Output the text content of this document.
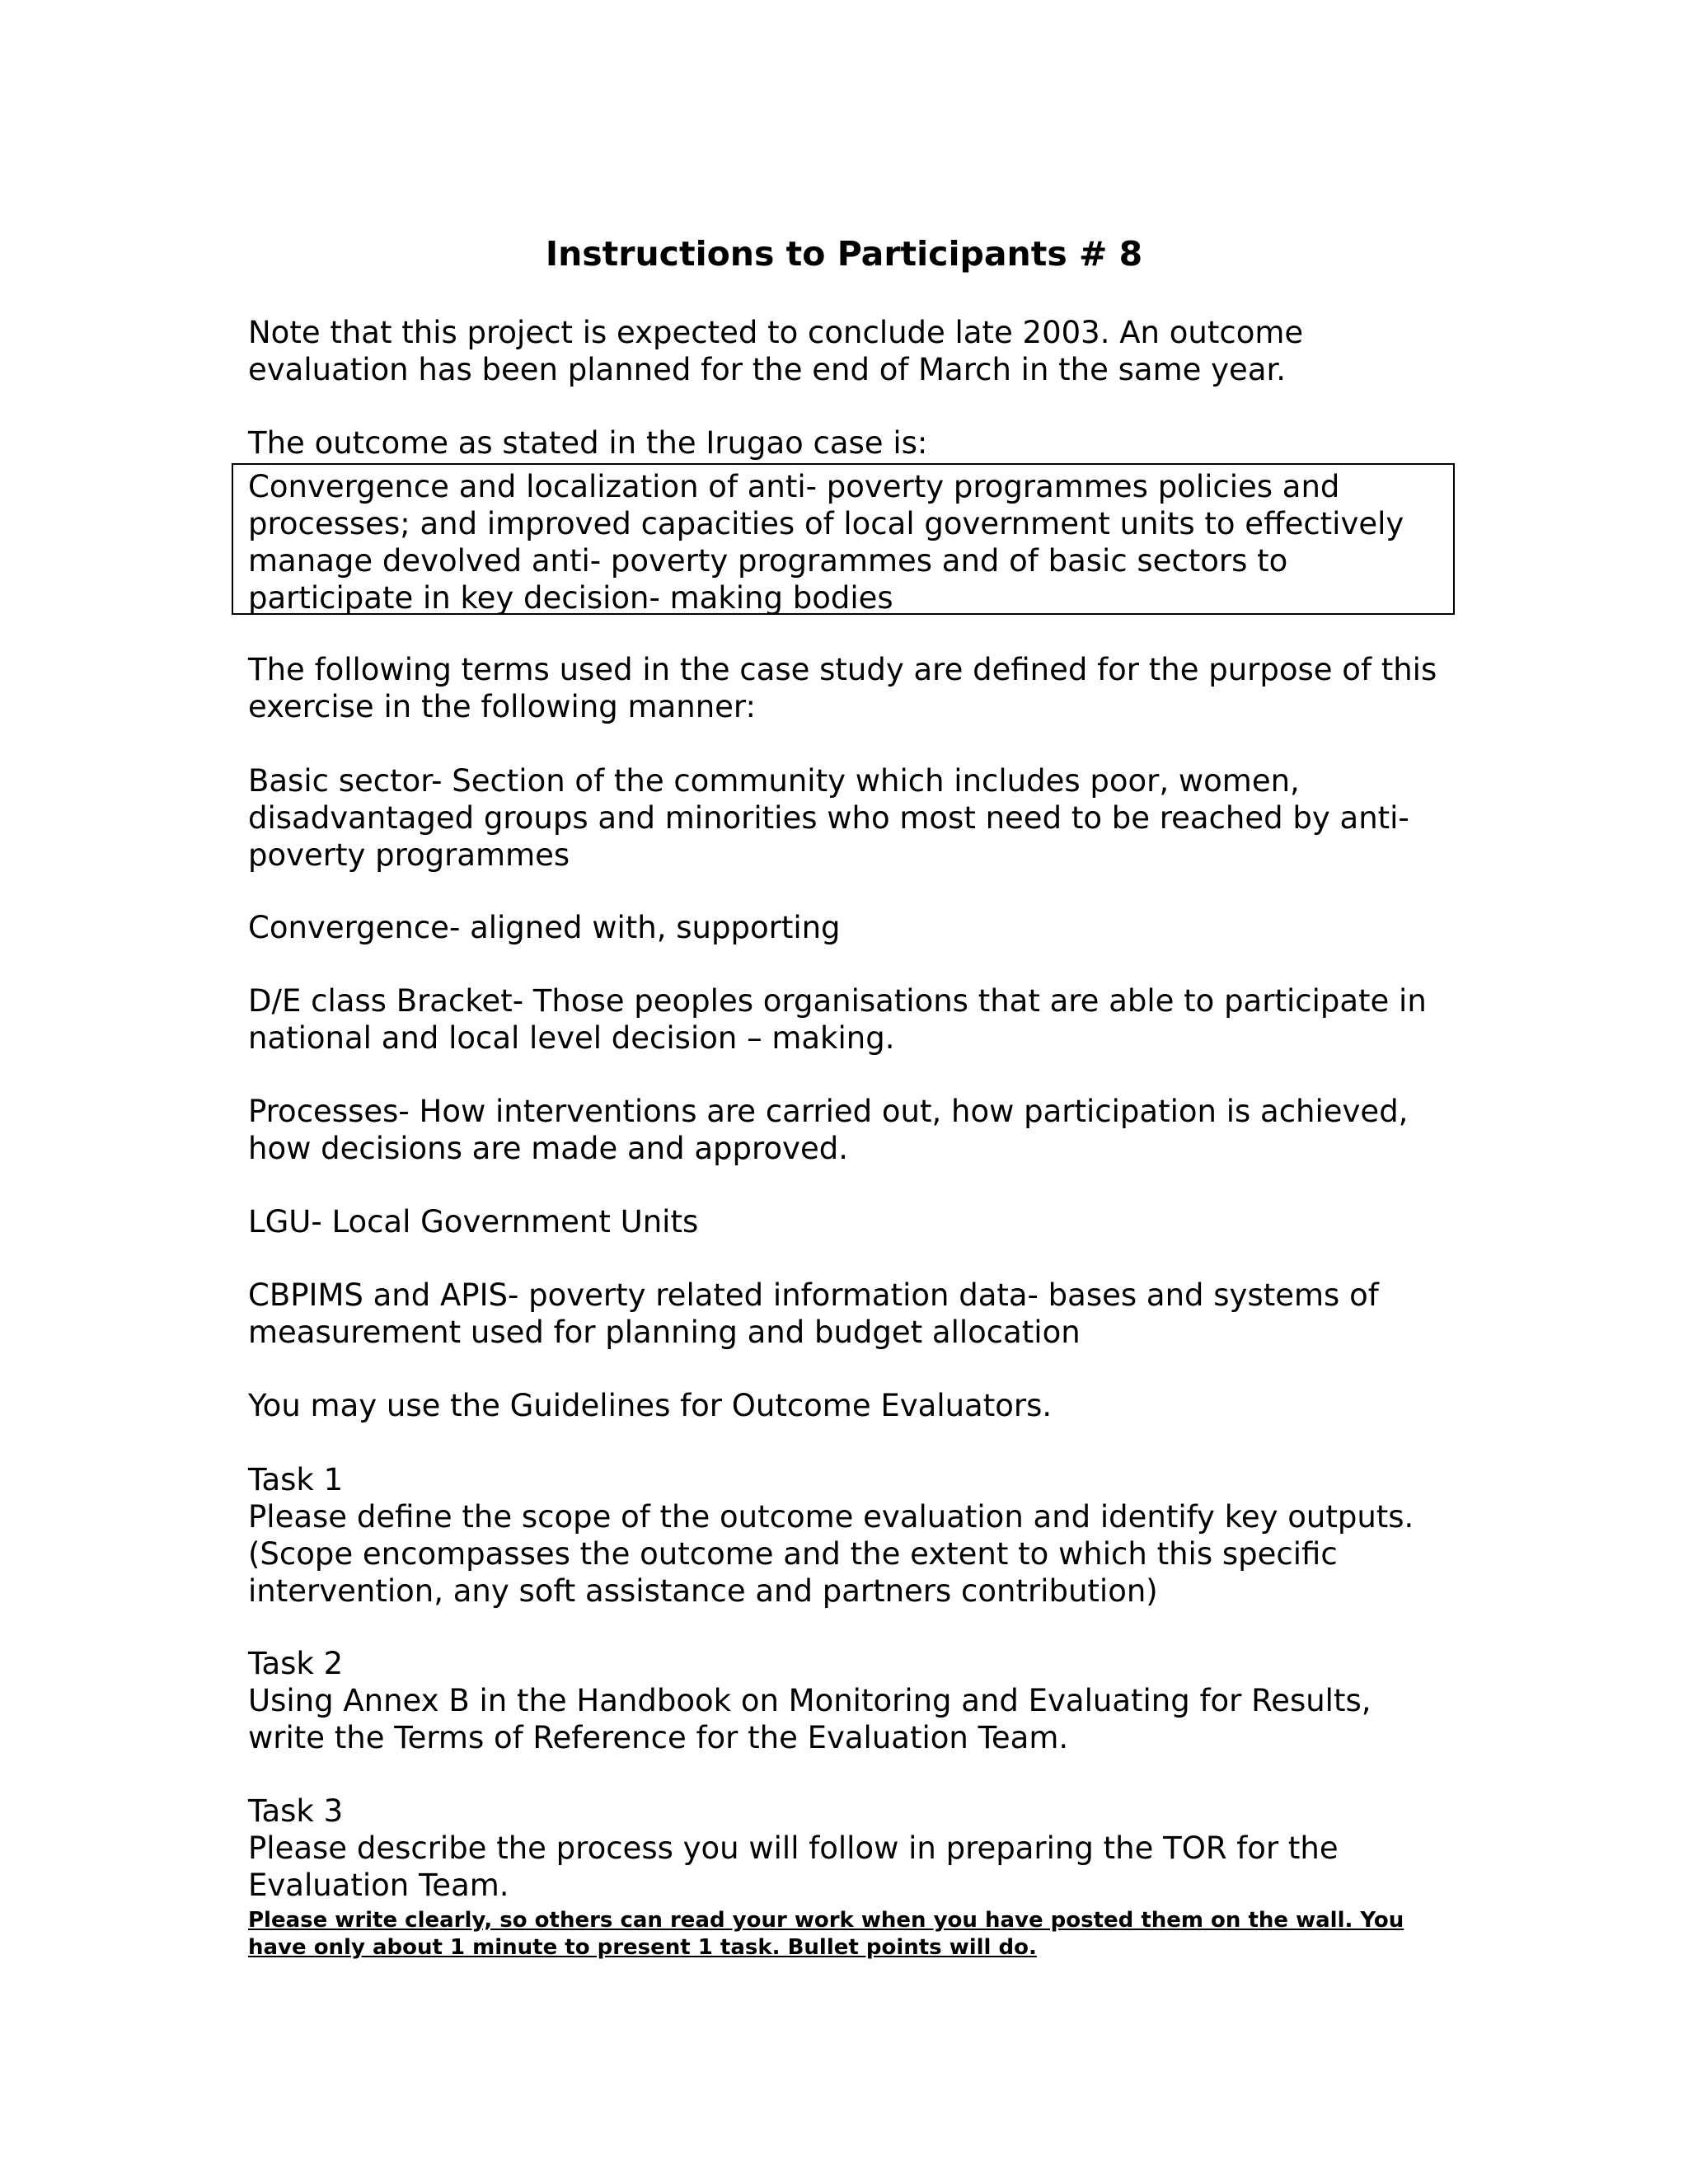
Instructions to Participants # 8
Note that this project is expected to conclude late 2003. An outcome
evaluation has been planned for the end of March in the same year.
The outcome as stated in the Irugao case is:
Convergence and localization of anti- poverty programmes policies and
processes; and improved capacities of local government units to effectively
manage devolved anti- poverty programmes and of basic sectors to
participate in key decision- making bodies
The following terms used in the case study are defined for the purpose of this
exercise in the following manner:
Basic sector- Section of the community which includes poor, women,
disadvantaged groups and minorities who most need to be reached by anti-
poverty programmes
Convergence- aligned with, supporting
D/E class Bracket- Those peoples organisations that are able to participate in
national and local level decision – making.
Processes- How interventions are carried out, how participation is achieved,
how decisions are made and approved.
LGU- Local Government Units
CBPIMS and APIS- poverty related information data- bases and systems of
measurement used for planning and budget allocation
You may use the Guidelines for Outcome Evaluators.
Task 1
Please define the scope of the outcome evaluation and identify key outputs.
(Scope encompasses the outcome and the extent to which this specific
intervention, any soft assistance and partners contribution)
Task 2
Using Annex B in the Handbook on Monitoring and Evaluating for Results,
write the Terms of Reference for the Evaluation Team.
Task 3
Please describe the process you will follow in preparing the TOR for the
Evaluation Team.
Please write clearly, so others can read your work when you have posted them on the wall. You
have only about 1 minute to present 1 task. Bullet points will do.
